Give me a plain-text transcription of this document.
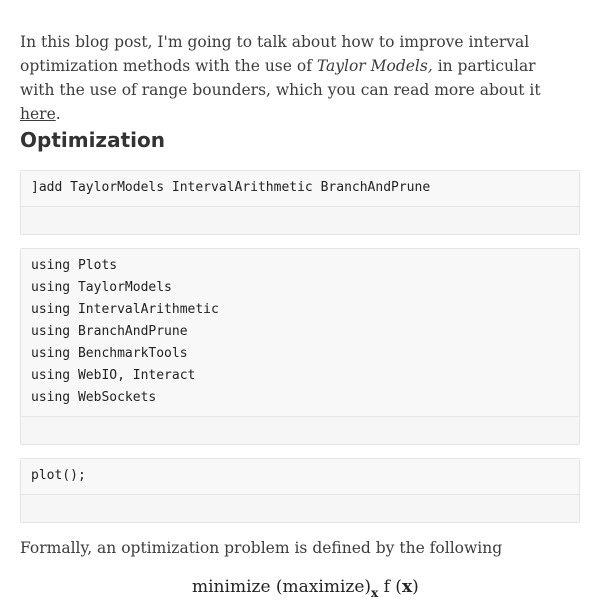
In this blog post, I'm going to talk about how to improve interval optimization methods with the use of Taylor Models, in particular with the use of range bounders, which you can read more about it here.

Optimization
]add TaylorModels IntervalArithmetic BranchAndPrune
using Plots
using TaylorModels
using IntervalArithmetic
using BranchAndPrune
using BenchmarkTools
using WebIO, Interact
using WebSockets
plot();

Formally, an optimization problem is defined by the following

minimize $(maximize)_x$ f (x)
